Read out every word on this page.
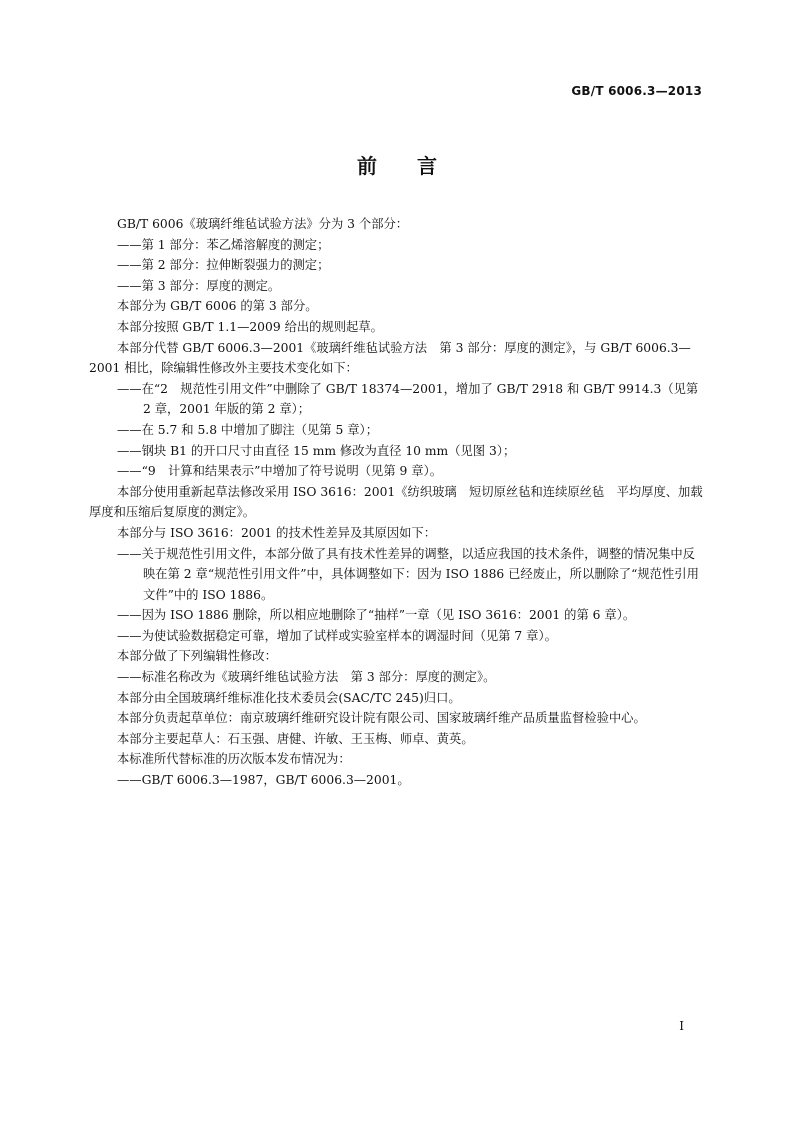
GB/T 6006.3—2013
前言

GB/T 6006《玻璃纤维毡试验方法》分为 3 个部分：

——第 1 部分：苯乙烯溶解度的测定；

——第 2 部分：拉伸断裂强力的测定；

——第 3 部分：厚度的测定。

本部分为 GB/T 6006 的第 3 部分。

本部分按照 GB/T 1.1—2009 给出的规则起草。

本部分代替 GB/T 6006.3—2001《玻璃纤维毡试验方法　第 3 部分：厚度的测定》，与 GB/T 6006.3—2001 相比，除编辑性修改外主要技术变化如下：

——在“2　规范性引用文件”中删除了 GB/T 18374—2001，增加了 GB/T 2918 和 GB/T 9914.3（见第 2 章，2001 年版的第 2 章）；

——在 5.7 和 5.8 中增加了脚注（见第 5 章）；

——钢块 B1 的开口尺寸由直径 15 mm 修改为直径 10 mm（见图 3）；

——“9　计算和结果表示”中增加了符号说明（见第 9 章）。

本部分使用重新起草法修改采用 ISO 3616：2001《纺织玻璃　短切原丝毡和连续原丝毡　平均厚度、加载厚度和压缩后复原度的测定》。

本部分与 ISO 3616：2001 的技术性差异及其原因如下：

——关于规范性引用文件，本部分做了具有技术性差异的调整，以适应我国的技术条件，调整的情况集中反映在第 2 章“规范性引用文件”中，具体调整如下：因为 ISO 1886 已经废止，所以删除了“规范性引用文件”中的 ISO 1886。

——因为 ISO 1886 删除，所以相应地删除了“抽样”一章（见 ISO 3616：2001 的第 6 章）。

——为使试验数据稳定可靠，增加了试样或实验室样本的调湿时间（见第 7 章）。

本部分做了下列编辑性修改：

——标准名称改为《玻璃纤维毡试验方法　第 3 部分：厚度的测定》。

本部分由全国玻璃纤维标准化技术委员会(SAC/TC 245)归口。

本部分负责起草单位：南京玻璃纤维研究设计院有限公司、国家玻璃纤维产品质量监督检验中心。

本部分主要起草人：石玉强、唐健、许敏、王玉梅、师卓、黄英。

本标准所代替标准的历次版本发布情况为：

——GB/T 6006.3—1987，GB/T 6006.3—2001。

I
